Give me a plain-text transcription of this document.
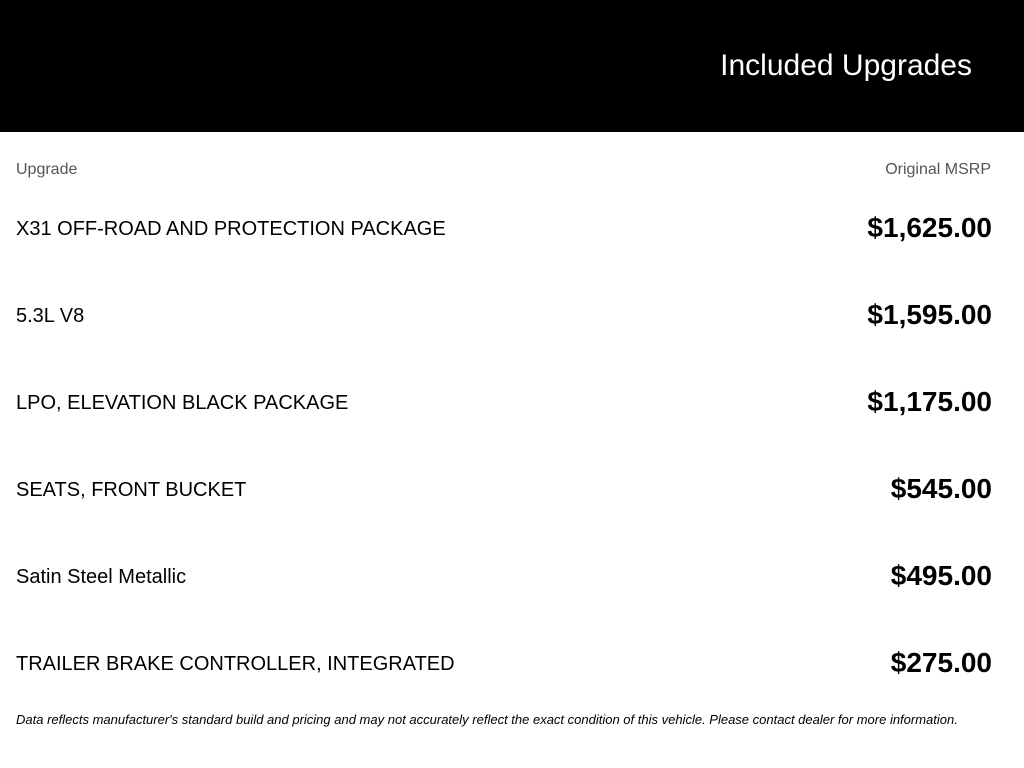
Included Upgrades
Upgrade	Original MSRP
X31 OFF-ROAD AND PROTECTION PACKAGE	$1,625.00
5.3L V8	$1,595.00
LPO, ELEVATION BLACK PACKAGE	$1,175.00
SEATS, FRONT BUCKET	$545.00
Satin Steel Metallic	$495.00
TRAILER BRAKE CONTROLLER, INTEGRATED	$275.00
Data reflects manufacturer's standard build and pricing and may not accurately reflect the exact condition of this vehicle. Please contact dealer for more information.
